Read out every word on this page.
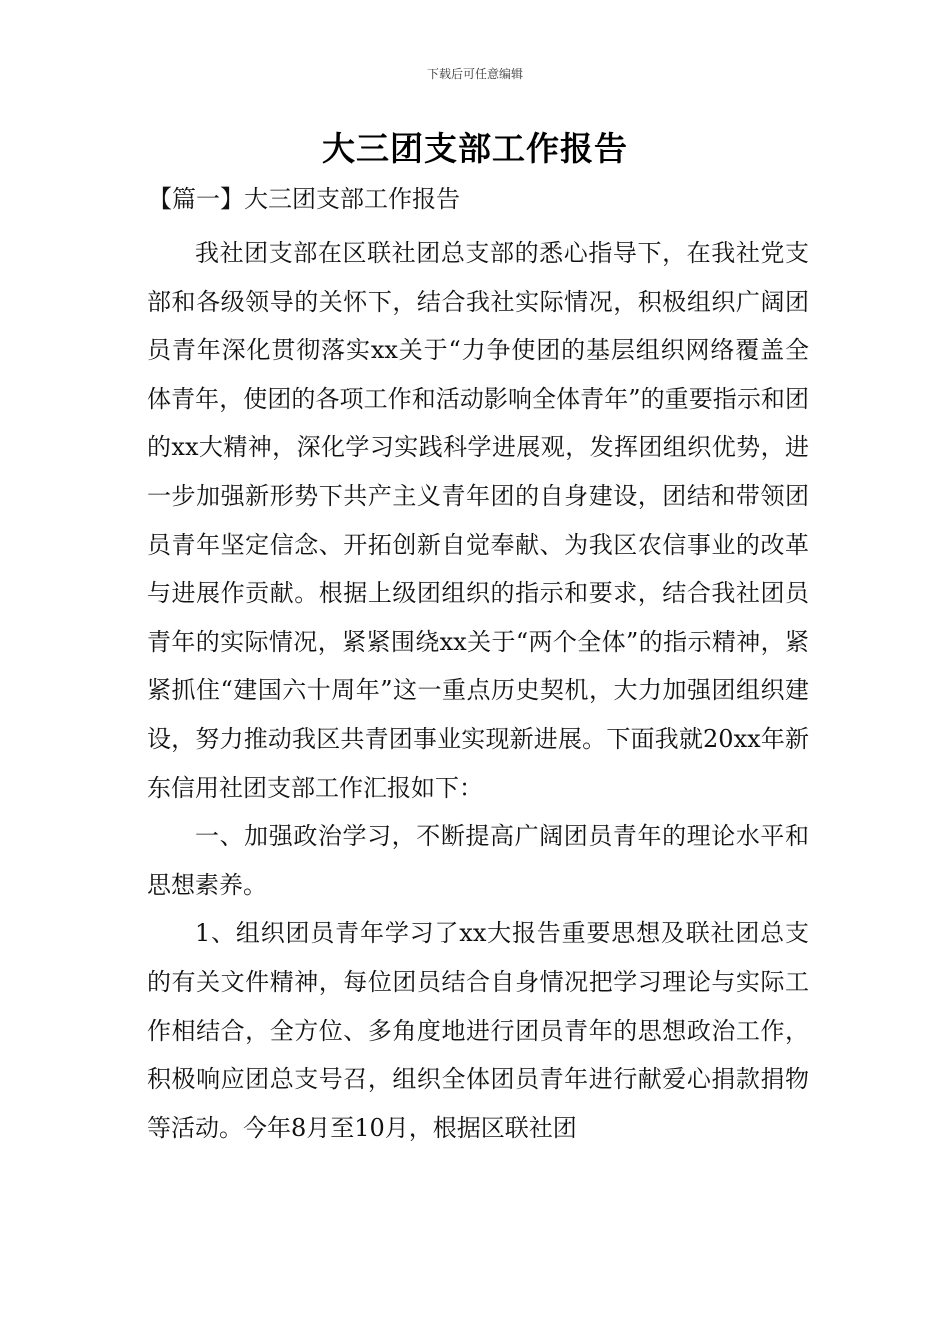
下载后可任意编辑
大三团支部工作报告
【篇一】大三团支部工作报告

我社团支部在区联社团总支部的悉心指导下，在我社党支部和各级领导的关怀下，结合我社实际情况，积极组织广阔团员青年深化贯彻落实xx关于“力争使团的基层组织网络覆盖全体青年，使团的各项工作和活动影响全体青年”的重要指示和团的xx大精神，深化学习实践科学进展观，发挥团组织优势，进一步加强新形势下共产主义青年团的自身建设，团结和带领团员青年坚定信念、开拓创新自觉奉献、为我区农信事业的改革与进展作贡献。根据上级团组织的指示和要求，结合我社团员青年的实际情况，紧紧围绕xx关于“两个全体”的指示精神，紧紧抓住“建国六十周年”这一重点历史契机，大力加强团组织建设，努力推动我区共青团事业实现新进展。下面我就20xx年新东信用社团支部工作汇报如下：

一、加强政治学习，不断提高广阔团员青年的理论水平和思想素养。

1、组织团员青年学习了xx大报告重要思想及联社团总支的有关文件精神，每位团员结合自身情况把学习理论与实际工作相结合，全方位、多角度地进行团员青年的思想政治工作，积极响应团总支号召，组织全体团员青年进行献爱心捐款捐物等活动。今年8月至10月，根据区联社团
